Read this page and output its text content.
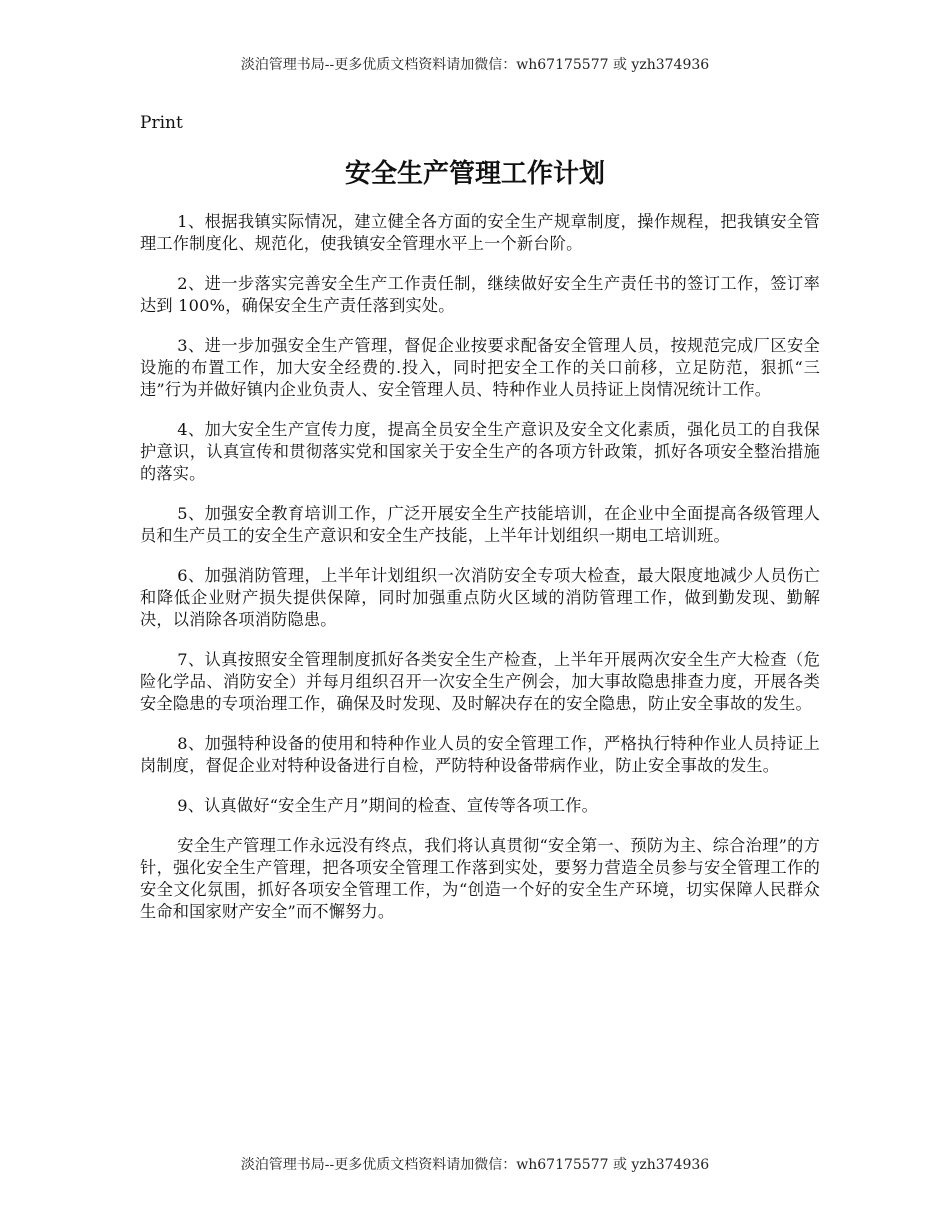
淡泊管理书局--更多优质文档资料请加微信：wh67175577 或 yzh374936
Print
安全生产管理工作计划

1、根据我镇实际情况，建立健全各方面的安全生产规章制度，操作规程，把我镇安全管理工作制度化、规范化，使我镇安全管理水平上一个新台阶。

2、进一步落实完善安全生产工作责任制，继续做好安全生产责任书的签订工作，签订率达到 100%，确保安全生产责任落到实处。

3、进一步加强安全生产管理，督促企业按要求配备安全管理人员，按规范完成厂区安全设施的布置工作，加大安全经费的.投入，同时把安全工作的关口前移，立足防范，狠抓“三违”行为并做好镇内企业负责人、安全管理人员、特种作业人员持证上岗情况统计工作。

4、加大安全生产宣传力度，提高全员安全生产意识及安全文化素质，强化员工的自我保护意识，认真宣传和贯彻落实党和国家关于安全生产的各项方针政策，抓好各项安全整治措施的落实。

5、加强安全教育培训工作，广泛开展安全生产技能培训，在企业中全面提高各级管理人员和生产员工的安全生产意识和安全生产技能，上半年计划组织一期电工培训班。

6、加强消防管理，上半年计划组织一次消防安全专项大检查，最大限度地减少人员伤亡和降低企业财产损失提供保障，同时加强重点防火区域的消防管理工作，做到勤发现、勤解决，以消除各项消防隐患。

7、认真按照安全管理制度抓好各类安全生产检查，上半年开展两次安全生产大检查（危险化学品、消防安全）并每月组织召开一次安全生产例会，加大事故隐患排查力度，开展各类安全隐患的专项治理工作，确保及时发现、及时解决存在的安全隐患，防止安全事故的发生。

8、加强特种设备的使用和特种作业人员的安全管理工作，严格执行特种作业人员持证上岗制度，督促企业对特种设备进行自检，严防特种设备带病作业，防止安全事故的发生。

9、认真做好“安全生产月”期间的检查、宣传等各项工作。

安全生产管理工作永远没有终点，我们将认真贯彻“安全第一、预防为主、综合治理”的方针，强化安全生产管理，把各项安全管理工作落到实处，要努力营造全员参与安全管理工作的安全文化氛围，抓好各项安全管理工作，为“创造一个好的安全生产环境，切实保障人民群众生命和国家财产安全”而不懈努力。

淡泊管理书局--更多优质文档资料请加微信：wh67175577 或 yzh374936
